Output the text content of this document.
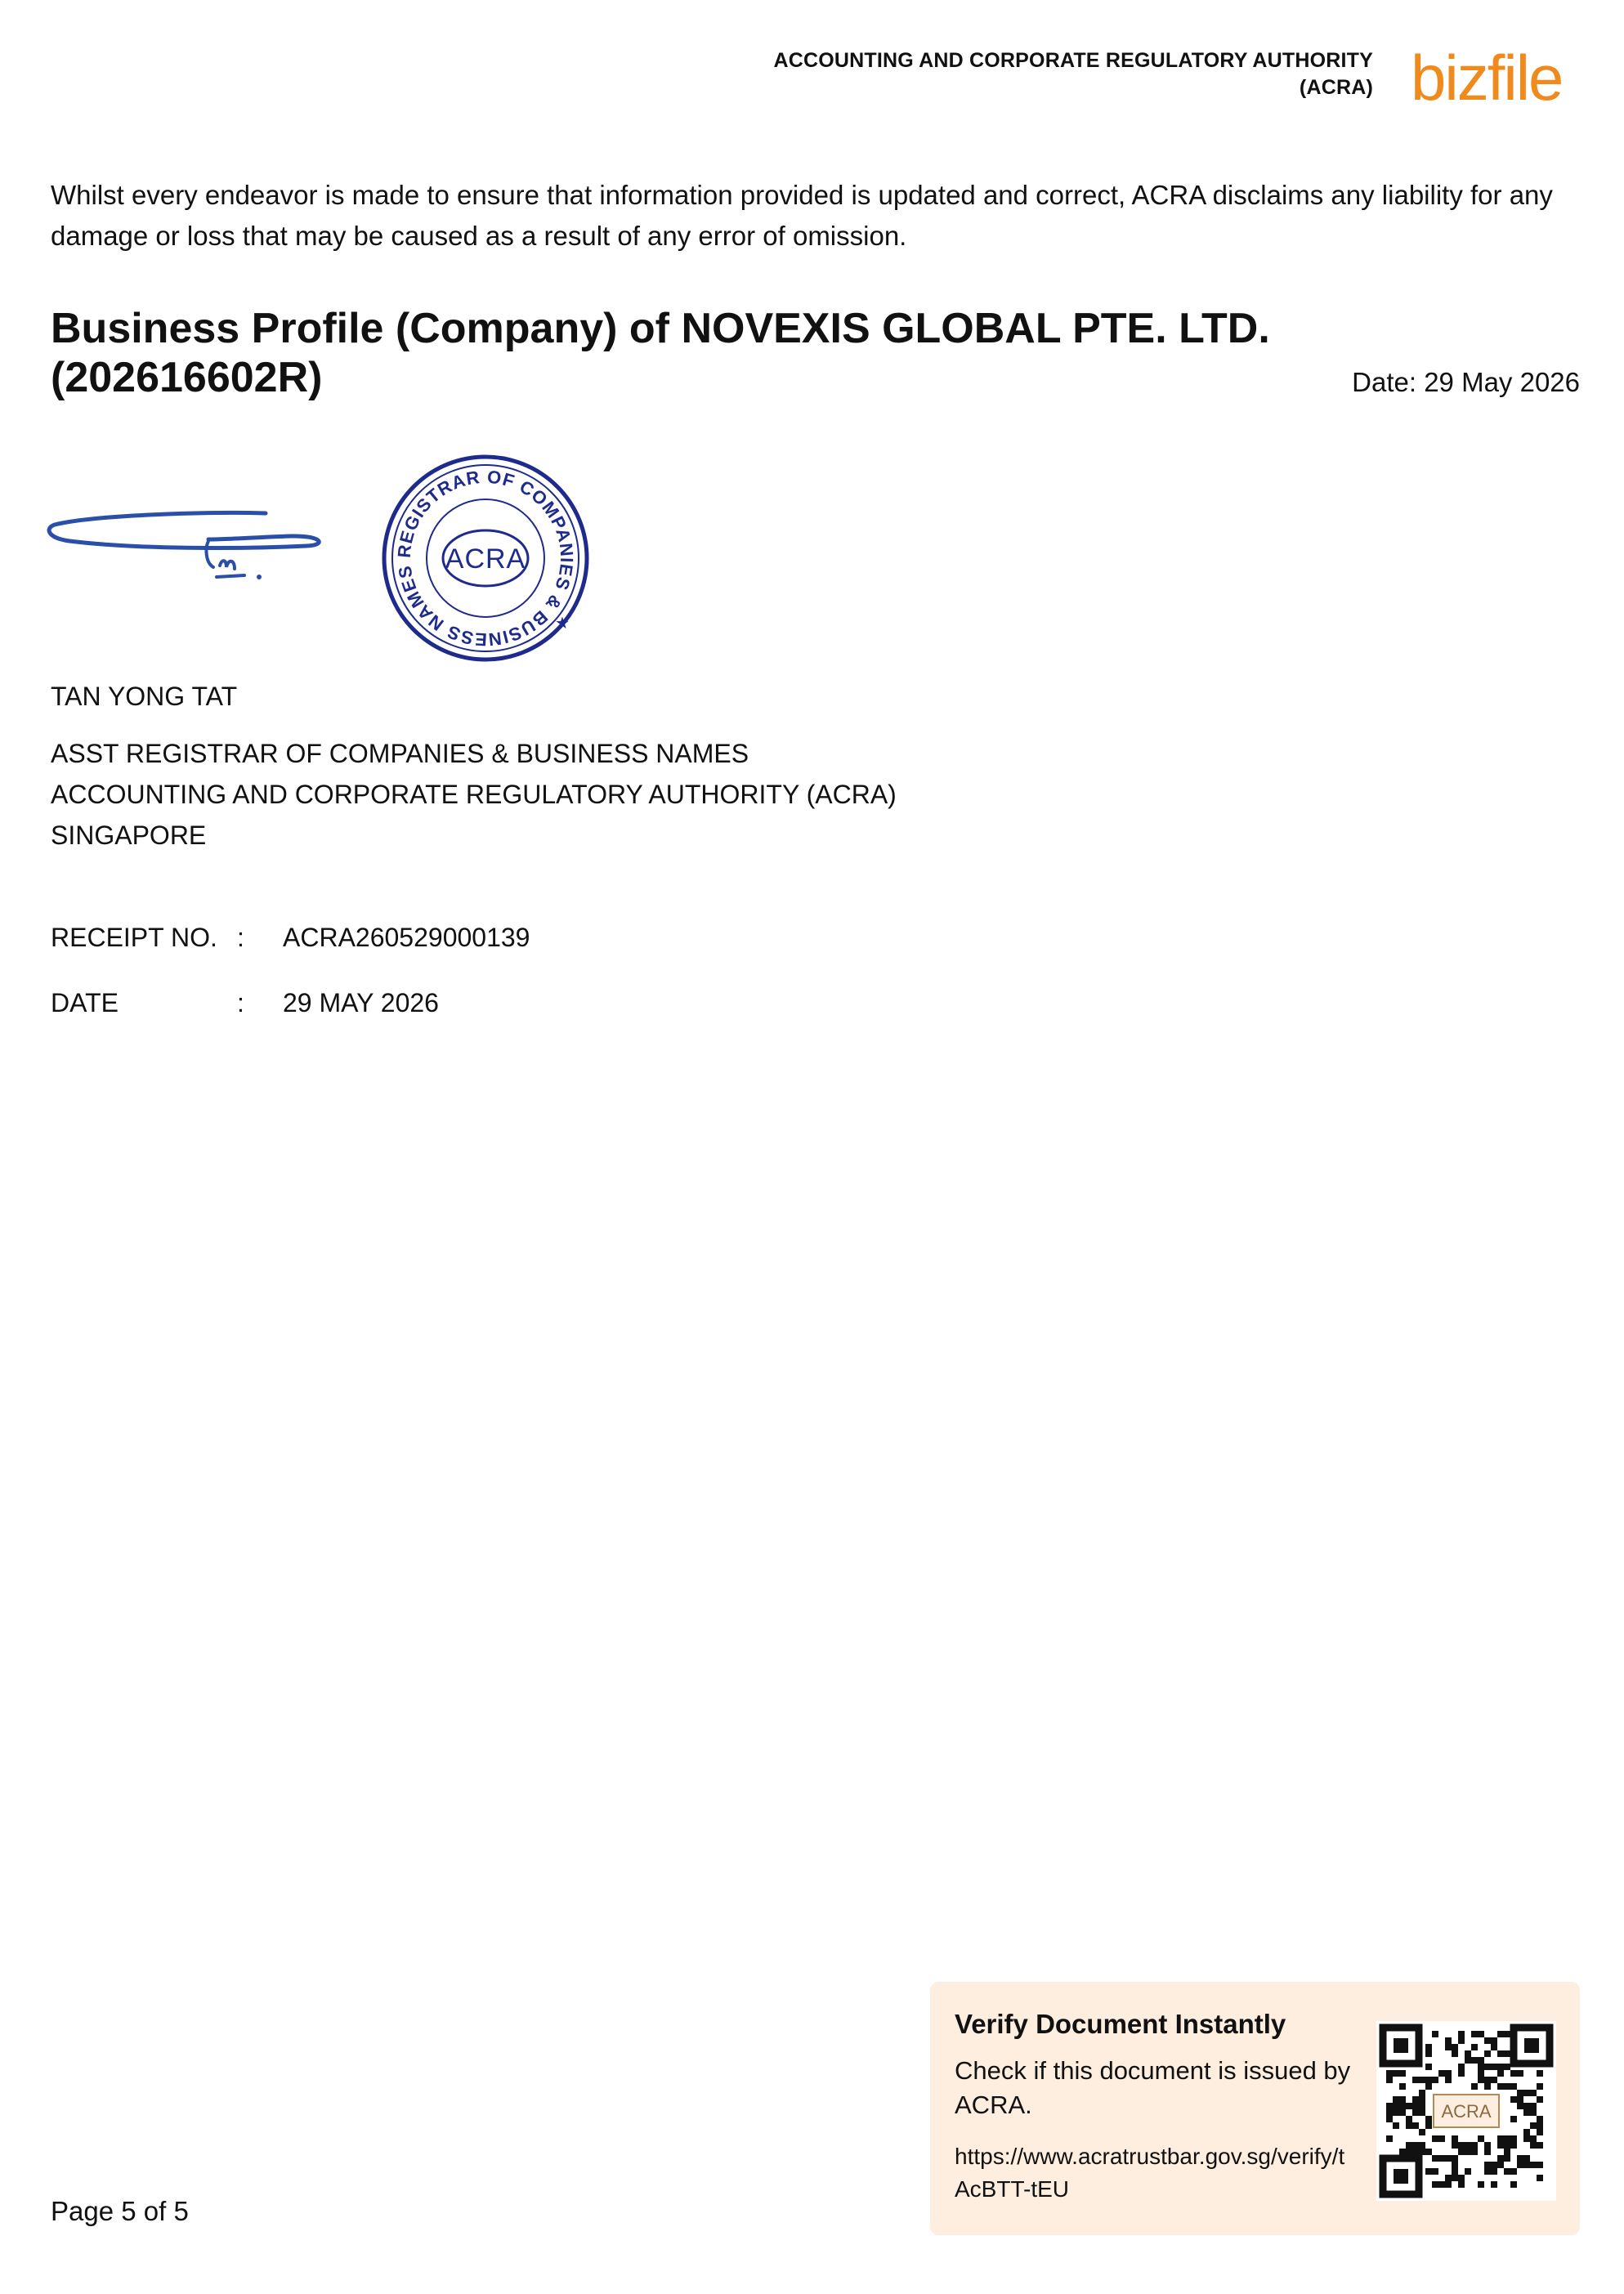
ACCOUNTING AND CORPORATE REGULATORY AUTHORITY
(ACRA) bizfile
Whilst every endeavor is made to ensure that information provided is updated and correct, ACRA disclaims any liability for any damage or loss that may be caused as a result of any error of omission.
Business Profile (Company) of NOVEXIS GLOBAL PTE. LTD.
(202616602R)	Date: 29 May 2026
REGISTRAR OF COMPANIES & BUSINESS NAMES
★
ACRA
TAN YONG TAT
ASST REGISTRAR OF COMPANIES & BUSINESS NAMES
ACCOUNTING AND CORPORATE REGULATORY AUTHORITY (ACRA)
SINGAPORE
RECEIPT NO. : ACRA260529000139
DATE	: 29 MAY 2026
Page 5 of 5
Verify Document Instantly
Check if this document is issued by ACRA.
https://www.acratrustbar.gov.sg/verify/tAcBTT-tEU
ACRA
